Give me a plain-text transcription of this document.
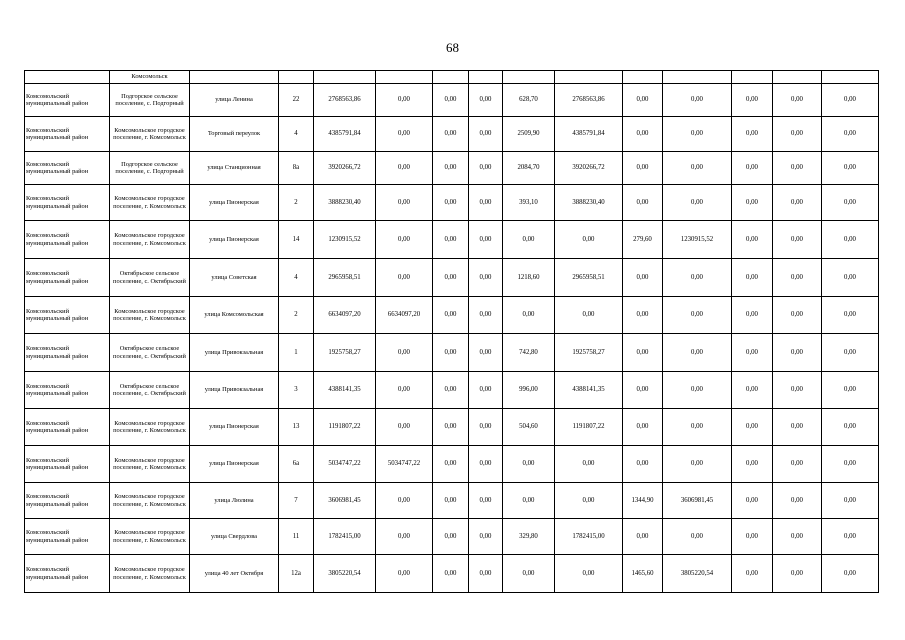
68
	Комсомольск													
Комсомольский муниципальный район	Подгорское сельское поселение, с. Подгорный	улица Ленина	22	2768563,86	0,00	0,00	0,00	628,70	2768563,86	0,00	0,00	0,00	0,00	0,00
Комсомольский муниципальный район	Комсомольское городское поселение, г. Комсомольск	Торговый переулок	4	4385791,84	0,00	0,00	0,00	2509,90	4385791,84	0,00	0,00	0,00	0,00	0,00
Комсомольский муниципальный район	Подгорское сельское поселение, с. Подгорный	улица Станционная	8а	3920266,72	0,00	0,00	0,00	2084,70	3920266,72	0,00	0,00	0,00	0,00	0,00
Комсомольский муниципальный район	Комсомольское городское поселение, г. Комсомольск	улица Пионерская	2	3888230,40	0,00	0,00	0,00	393,10	3888230,40	0,00	0,00	0,00	0,00	0,00
Комсомольский муниципальный район	Комсомольское городское поселение, г. Комсомольск	улица Пионерская	14	1230915,52	0,00	0,00	0,00	0,00	0,00	279,60	1230915,52	0,00	0,00	0,00
Комсомольский муниципальный район	Октябрьское сельское поселение, с. Октябрьский	улица Советская	4	2965958,51	0,00	0,00	0,00	1218,60	2965958,51	0,00	0,00	0,00	0,00	0,00
Комсомольский муниципальный район	Комсомольское городское поселение, г. Комсомольск	улица Комсомольская	2	6634097,20	6634097,20	0,00	0,00	0,00	0,00	0,00	0,00	0,00	0,00	0,00
Комсомольский муниципальный район	Октябрьское сельское поселение, с. Октябрьский	улица Привокзальная	1	1925758,27	0,00	0,00	0,00	742,80	1925758,27	0,00	0,00	0,00	0,00	0,00
Комсомольский муниципальный район	Октябрьское сельское поселение, с. Октябрьский	улица Привокзальная	3	4388141,35	0,00	0,00	0,00	996,00	4388141,35	0,00	0,00	0,00	0,00	0,00
Комсомольский муниципальный район	Комсомольское городское поселение, г. Комсомольск	улица Пионерская	13	1191807,22	0,00	0,00	0,00	504,60	1191807,22	0,00	0,00	0,00	0,00	0,00
Комсомольский муниципальный район	Комсомольское городское поселение, г. Комсомольск	улица Пионерская	6а	5034747,22	5034747,22	0,00	0,00	0,00	0,00	0,00	0,00	0,00	0,00	0,00
Комсомольский муниципальный район	Комсомольское городское поселение, г. Комсомольск	улица Люлина	7	3606981,45	0,00	0,00	0,00	0,00	0,00	1344,90	3606981,45	0,00	0,00	0,00
Комсомольский муниципальный район	Комсомольское городское поселение, г. Комсомольск	улица Свердлова	11	1782415,00	0,00	0,00	0,00	329,80	1782415,00	0,00	0,00	0,00	0,00	0,00
Комсомольский муниципальный район	Комсомольское городское поселение, г. Комсомольск	улица 40 лет Октября	12а	3805220,54	0,00	0,00	0,00	0,00	0,00	1465,60	3805220,54	0,00	0,00	0,00
